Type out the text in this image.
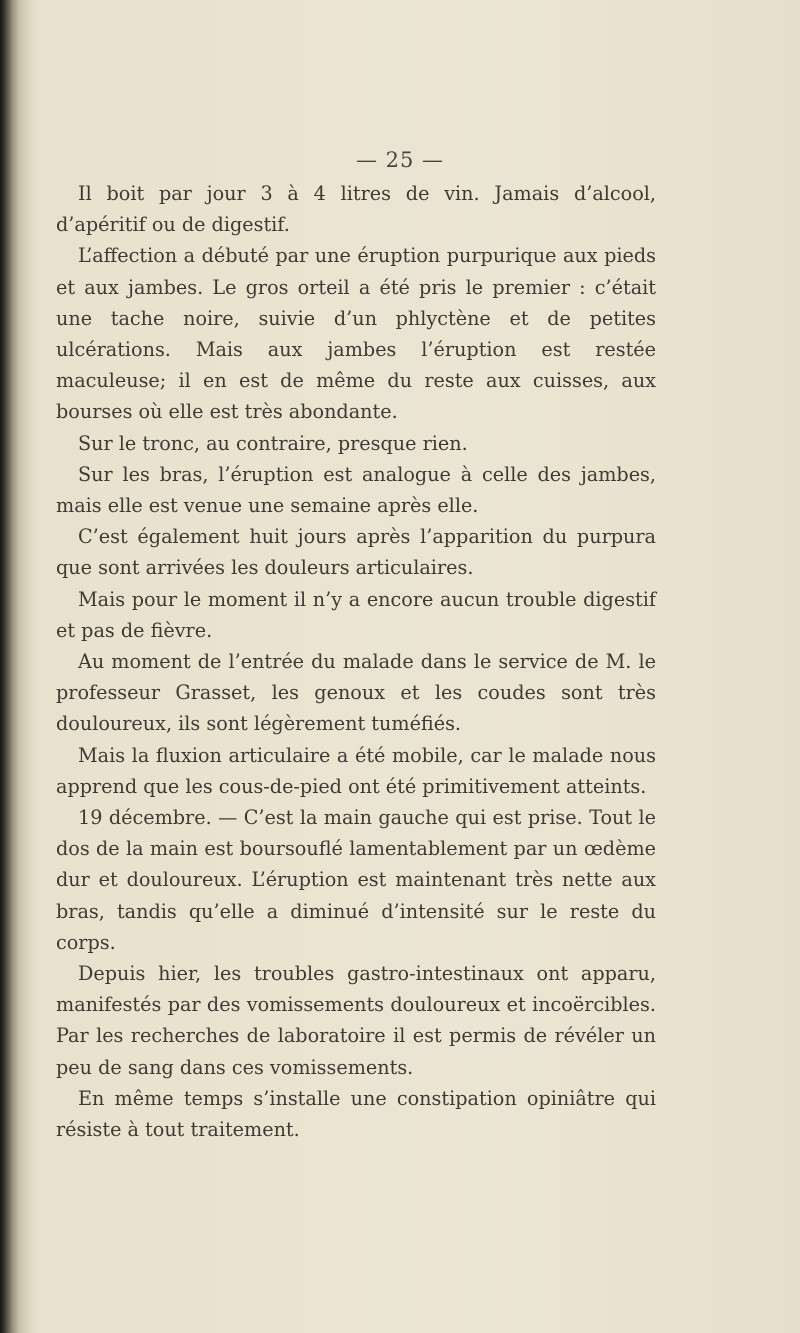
— 25 —

Il boit par jour 3 à 4 litres de vin. Jamais d’alcool, d’apéritif ou de digestif.

L’affection a débuté par une éruption purpurique aux pieds et aux jambes. Le gros orteil a été pris le premier : c’était une tache noire, suivie d’un phlyctène et de petites ulcérations. Mais aux jambes l’éruption est restée maculeuse; il en est de même du reste aux cuisses, aux bourses où elle est très abondante.

Sur le tronc, au contraire, presque rien.

Sur les bras, l’éruption est analogue à celle des jambes, mais elle est venue une semaine après elle.

C’est également huit jours après l’apparition du purpura que sont arrivées les douleurs articulaires.

Mais pour le moment il n’y a encore aucun trouble digestif et pas de fièvre.

Au moment de l’entrée du malade dans le service de M. le professeur Grasset, les genoux et les coudes sont très douloureux, ils sont légèrement tuméfiés.

Mais la fluxion articulaire a été mobile, car le malade nous apprend que les cous-de-pied ont été primitivement atteints.

19 décembre. — C’est la main gauche qui est prise. Tout le dos de la main est boursouflé lamentablement par un œdème dur et douloureux. L’éruption est maintenant très nette aux bras, tandis qu’elle a diminué d’intensité sur le reste du corps.

Depuis hier, les troubles gastro-intestinaux ont apparu, manifestés par des vomissements douloureux et incoërcibles. Par les recherches de laboratoire il est permis de révéler un peu de sang dans ces vomissements.

En même temps s’installe une constipation opiniâtre qui résiste à tout traitement.
